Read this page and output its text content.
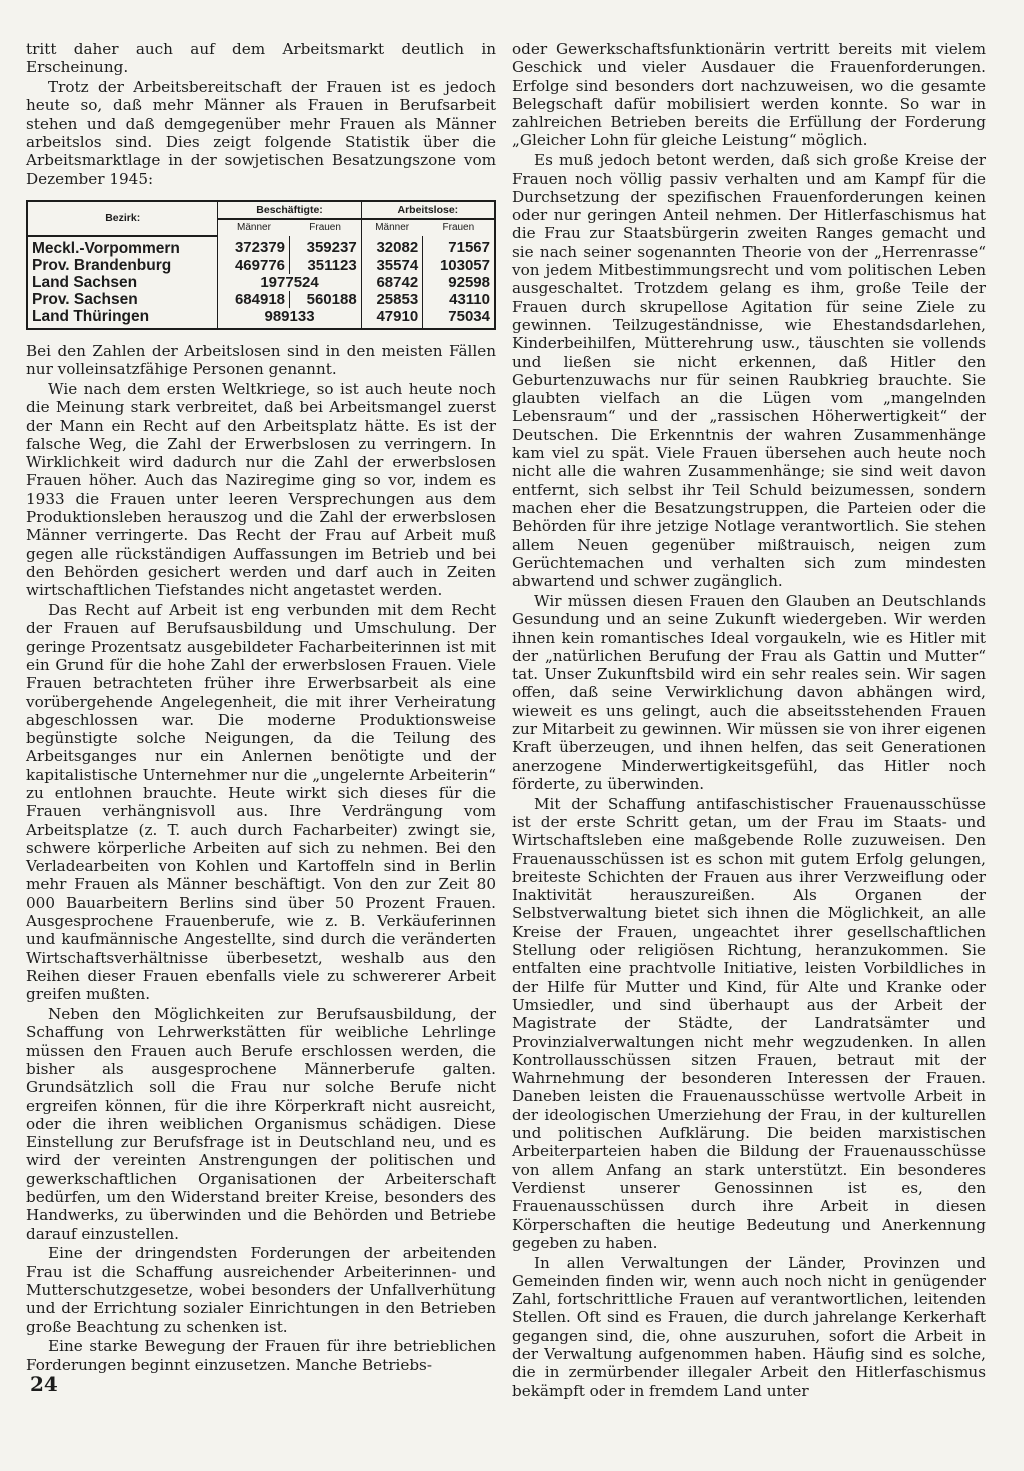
tritt daher auch auf dem Arbeitsmarkt deutlich in Erscheinung.

Trotz der Arbeitsbereitschaft der Frauen ist es jedoch heute so, daß mehr Männer als Frauen in Berufsarbeit stehen und daß demgegenüber mehr Frauen als Männer arbeitslos sind. Dies zeigt folgende Statistik über die Arbeitsmarktlage in der sowjetischen Besatzungszone vom Dezember 1945:

Bezirk:	Beschäftigte:		Arbeitslose:	
	Männer	Frauen	Männer	Frauen
Meckl.-Vorpommern	372379	359237	32082	71567
Prov. Brandenburg	469776	351123	35574	103057
Land Sachsen	1977524		68742	92598
Prov. Sachsen	684918	560188	25853	43110
Land Thüringen	989133		47910	75034

Bei den Zahlen der Arbeitslosen sind in den meisten Fällen nur volleinsatzfähige Personen genannt.

Wie nach dem ersten Weltkriege, so ist auch heute noch die Meinung stark verbreitet, daß bei Arbeitsmangel zuerst der Mann ein Recht auf den Arbeitsplatz hätte. Es ist der falsche Weg, die Zahl der Erwerbslosen zu verringern. In Wirklichkeit wird dadurch nur die Zahl der erwerbslosen Frauen höher. Auch das Naziregime ging so vor, indem es 1933 die Frauen unter leeren Versprechungen aus dem Produktionsleben herauszog und die Zahl der erwerbslosen Männer verringerte. Das Recht der Frau auf Arbeit muß gegen alle rückständigen Auffassungen im Betrieb und bei den Behörden gesichert werden und darf auch in Zeiten wirtschaftlichen Tiefstandes nicht angetastet werden.

Das Recht auf Arbeit ist eng verbunden mit dem Recht der Frauen auf Berufsausbildung und Umschulung. Der geringe Prozentsatz ausgebildeter Facharbeiterinnen ist mit ein Grund für die hohe Zahl der erwerbslosen Frauen. Viele Frauen betrachteten früher ihre Erwerbsarbeit als eine vorübergehende Angelegenheit, die mit ihrer Verheiratung abgeschlossen war. Die moderne Produktionsweise begünstigte solche Neigungen, da die Teilung des Arbeitsganges nur ein Anlernen benötigte und der kapitalistische Unternehmer nur die „ungelernte Arbeiterin“ zu entlohnen brauchte. Heute wirkt sich dieses für die Frauen verhängnisvoll aus. Ihre Verdrängung vom Arbeitsplatze (z. T. auch durch Facharbeiter) zwingt sie, schwere körperliche Arbeiten auf sich zu nehmen. Bei den Verladearbeiten von Kohlen und Kartoffeln sind in Berlin mehr Frauen als Männer beschäftigt. Von den zur Zeit 80 000 Bauarbeitern Berlins sind über 50 Prozent Frauen. Ausgesprochene Frauenberufe, wie z. B. Verkäuferinnen und kaufmännische Angestellte, sind durch die veränderten Wirtschaftsverhältnisse überbesetzt, weshalb aus den Reihen dieser Frauen ebenfalls viele zu schwererer Arbeit greifen mußten.

Neben den Möglichkeiten zur Berufsausbildung, der Schaffung von Lehrwerkstätten für weibliche Lehrlinge müssen den Frauen auch Berufe erschlossen werden, die bisher als ausgesprochene Männerberufe galten. Grundsätzlich soll die Frau nur solche Berufe nicht ergreifen können, für die ihre Körperkraft nicht ausreicht, oder die ihren weiblichen Organismus schädigen. Diese Einstellung zur Berufsfrage ist in Deutschland neu, und es wird der vereinten Anstrengungen der politischen und gewerkschaftlichen Organisationen der Arbeiterschaft bedürfen, um den Widerstand breiter Kreise, besonders des Handwerks, zu überwinden und die Behörden und Betriebe darauf einzustellen.

Eine der dringendsten Forderungen der arbeitenden Frau ist die Schaffung ausreichender Arbeiterinnen- und Mutterschutzgesetze, wobei besonders der Unfallverhütung und der Errichtung sozialer Einrichtungen in den Betrieben große Beachtung zu schenken ist.

Eine starke Bewegung der Frauen für ihre betrieblichen Forderungen beginnt einzusetzen. Manche Betriebs-

oder Gewerkschaftsfunktionärin vertritt bereits mit vielem Geschick und vieler Ausdauer die Frauenforderungen. Erfolge sind besonders dort nachzuweisen, wo die gesamte Belegschaft dafür mobilisiert werden konnte. So war in zahlreichen Betrieben bereits die Erfüllung der Forderung „Gleicher Lohn für gleiche Leistung“ möglich.

Es muß jedoch betont werden, daß sich große Kreise der Frauen noch völlig passiv verhalten und am Kampf für die Durchsetzung der spezifischen Frauenforderungen keinen oder nur geringen Anteil nehmen. Der Hitlerfaschismus hat die Frau zur Staatsbürgerin zweiten Ranges gemacht und sie nach seiner sogenannten Theorie von der „Herrenrasse“ von jedem Mitbestimmungsrecht und vom politischen Leben ausgeschaltet. Trotzdem gelang es ihm, große Teile der Frauen durch skrupellose Agitation für seine Ziele zu gewinnen. Teilzugeständnisse, wie Ehestandsdarlehen, Kinderbeihilfen, Mütterehrung usw., täuschten sie vollends und ließen sie nicht erkennen, daß Hitler den Geburtenzuwachs nur für seinen Raubkrieg brauchte. Sie glaubten vielfach an die Lügen vom „mangelnden Lebensraum“ und der „rassischen Höherwertigkeit“ der Deutschen. Die Erkenntnis der wahren Zusammenhänge kam viel zu spät. Viele Frauen übersehen auch heute noch nicht alle die wahren Zusammenhänge; sie sind weit davon entfernt, sich selbst ihr Teil Schuld beizumessen, sondern machen eher die Besatzungstruppen, die Parteien oder die Behörden für ihre jetzige Notlage verantwortlich. Sie stehen allem Neuen gegenüber mißtrauisch, neigen zum Gerüchtemachen und verhalten sich zum mindesten abwartend und schwer zugänglich.

Wir müssen diesen Frauen den Glauben an Deutschlands Gesundung und an seine Zukunft wiedergeben. Wir werden ihnen kein romantisches Ideal vorgaukeln, wie es Hitler mit der „natürlichen Berufung der Frau als Gattin und Mutter“ tat. Unser Zukunftsbild wird ein sehr reales sein. Wir sagen offen, daß seine Verwirklichung davon abhängen wird, wieweit es uns gelingt, auch die abseitsstehenden Frauen zur Mitarbeit zu gewinnen. Wir müssen sie von ihrer eigenen Kraft überzeugen, und ihnen helfen, das seit Generationen anerzogene Minderwertigkeitsgefühl, das Hitler noch förderte, zu überwinden.

Mit der Schaffung antifaschistischer Frauenausschüsse ist der erste Schritt getan, um der Frau im Staats- und Wirtschaftsleben eine maßgebende Rolle zuzuweisen. Den Frauenausschüssen ist es schon mit gutem Erfolg gelungen, breiteste Schichten der Frauen aus ihrer Verzweiflung oder Inaktivität herauszureißen. Als Organen der Selbstverwaltung bietet sich ihnen die Möglichkeit, an alle Kreise der Frauen, ungeachtet ihrer gesellschaftlichen Stellung oder religiösen Richtung, heranzukommen. Sie entfalten eine prachtvolle Initiative, leisten Vorbildliches in der Hilfe für Mutter und Kind, für Alte und Kranke oder Umsiedler, und sind überhaupt aus der Arbeit der Magistrate der Städte, der Landratsämter und Provinzialverwaltungen nicht mehr wegzudenken. In allen Kontrollausschüssen sitzen Frauen, betraut mit der Wahrnehmung der besonderen Interessen der Frauen. Daneben leisten die Frauenausschüsse wertvolle Arbeit in der ideologischen Umerziehung der Frau, in der kulturellen und politischen Aufklärung. Die beiden marxistischen Arbeiterparteien haben die Bildung der Frauenausschüsse von allem Anfang an stark unterstützt. Ein besonderes Verdienst unserer Genossinnen ist es, den Frauenausschüssen durch ihre Arbeit in diesen Körperschaften die heutige Bedeutung und Anerkennung gegeben zu haben.

In allen Verwaltungen der Länder, Provinzen und Gemeinden finden wir, wenn auch noch nicht in genügender Zahl, fortschrittliche Frauen auf verantwortlichen, leitenden Stellen. Oft sind es Frauen, die durch jahrelange Kerkerhaft gegangen sind, die, ohne auszuruhen, sofort die Arbeit in der Verwaltung aufgenommen haben. Häufig sind es solche, die in zermürbender illegaler Arbeit den Hitlerfaschismus bekämpft oder in fremdem Land unter

24
